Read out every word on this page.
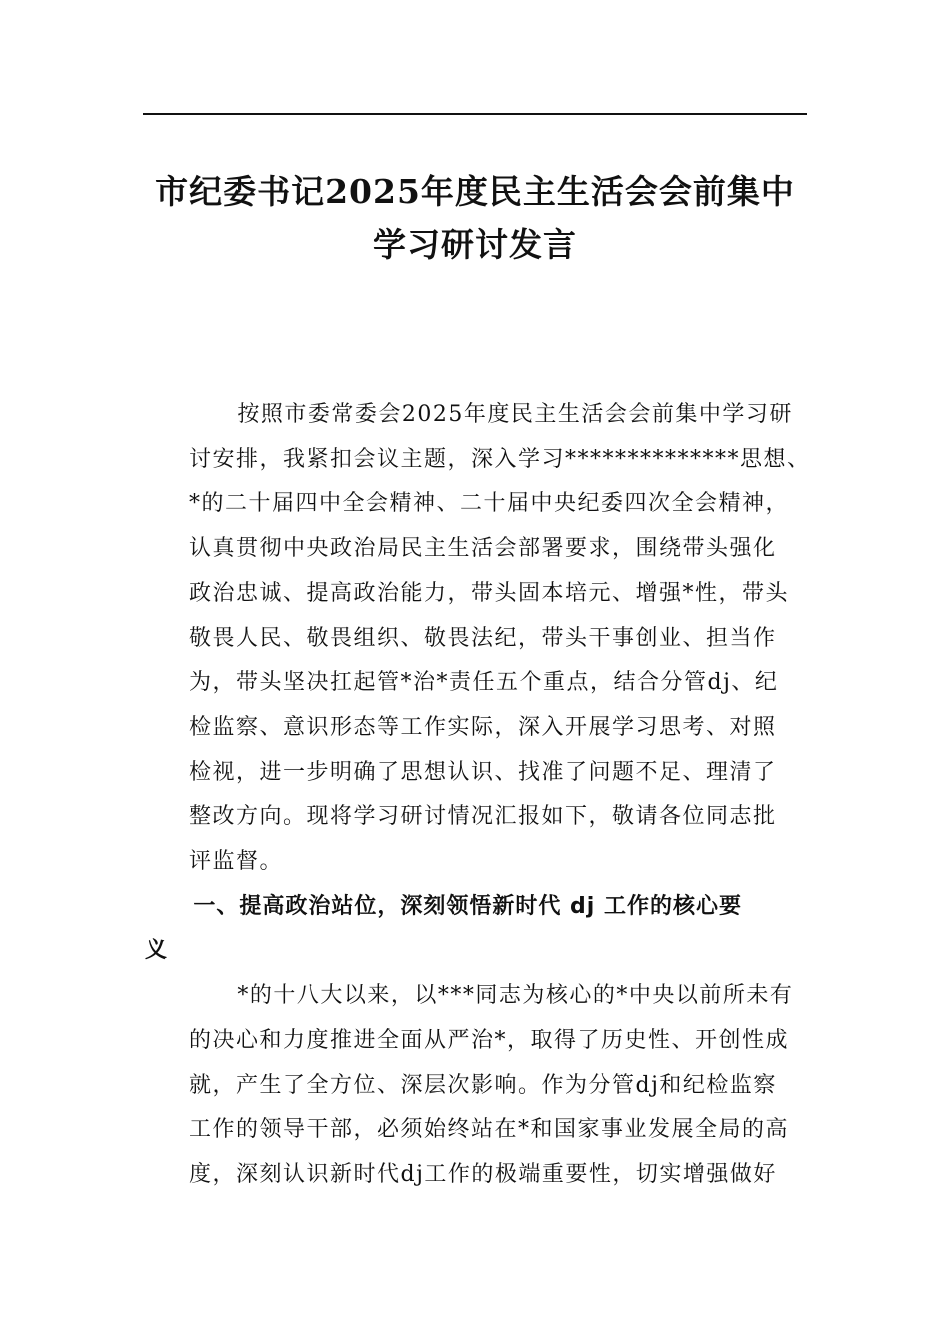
市纪委书记2025年度民主生活会会前集中
学习研讨发言
按照市委常委会2025年度民主生活会会前集中学习研
讨安排，我紧扣会议主题，深入学习**************思想、
*的二十届四中全会精神、二十届中央纪委四次全会精神，
认真贯彻中央政治局民主生活会部署要求，围绕带头强化
政治忠诚、提高政治能力，带头固本培元、增强*性，带头
敬畏人民、敬畏组织、敬畏法纪，带头干事创业、担当作
为，带头坚决扛起管*治*责任五个重点，结合分管dj、纪
检监察、意识形态等工作实际，深入开展学习思考、对照
检视，进一步明确了思想认识、找准了问题不足、理清了
整改方向。现将学习研讨情况汇报如下，敬请各位同志批
评监督。
一、提高政治站位，深刻领悟新时代 dj 工作的核心要
义
*的十八大以来，以***同志为核心的*中央以前所未有
的决心和力度推进全面从严治*，取得了历史性、开创性成
就，产生了全方位、深层次影响。作为分管dj和纪检监察
工作的领导干部，必须始终站在*和国家事业发展全局的高
度，深刻认识新时代dj工作的极端重要性，切实增强做好
